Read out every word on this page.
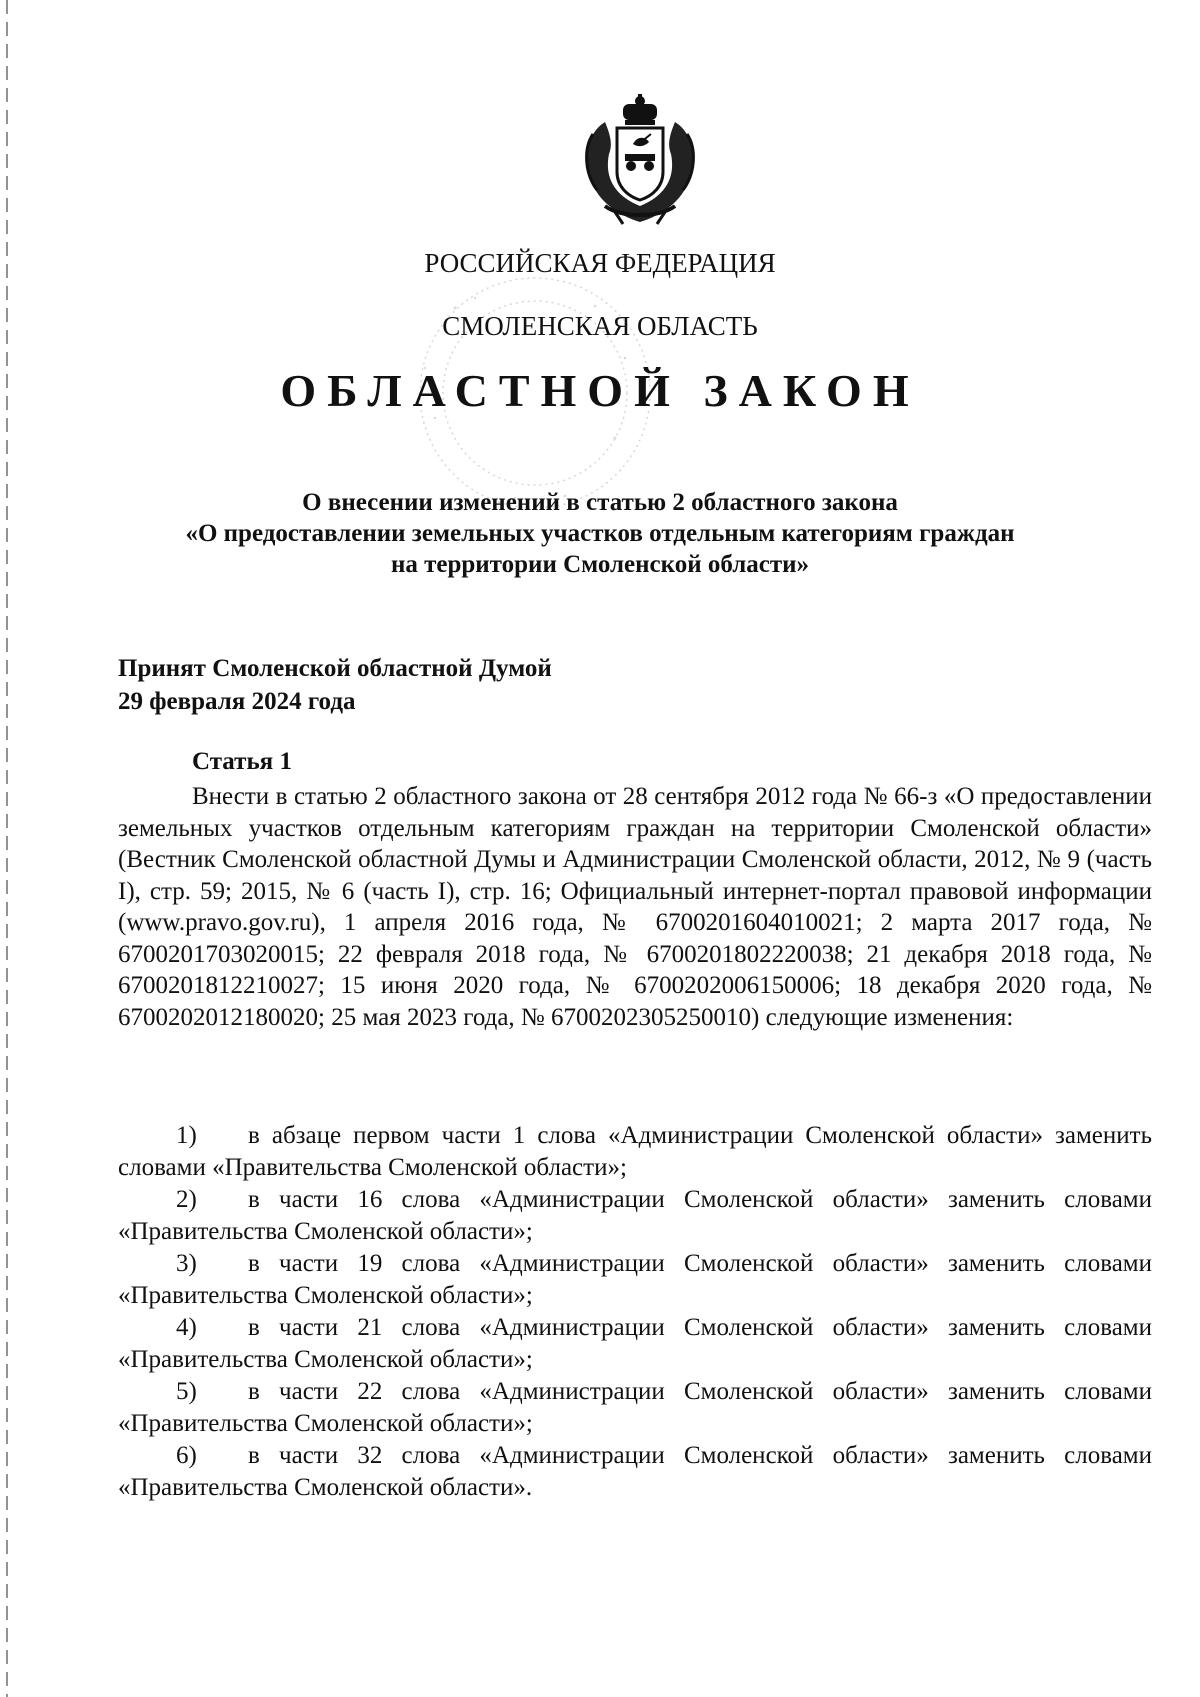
РОССИЙСКАЯ ФЕДЕРАЦИЯ
СМОЛЕНСКАЯ ОБЛАСТЬ
ОБЛАСТНОЙ ЗАКОН
О внесении изменений в статью 2 областного закона
«О предоставлении земельных участков отдельным категориям граждан
на территории Смоленской области»
Принят Смоленской областной Думой
29 февраля 2024 года
Статья 1
Внести в статью 2 областного закона от 28 сентября 2012 года № 66-з «О предоставлении земельных участков отдельным категориям граждан на территории Смоленской области» (Вестник Смоленской областной Думы и Администрации Смоленской области, 2012, № 9 (часть I), стр. 59; 2015, № 6 (часть I), стр. 16; Официальный интернет-портал правовой информации (www.pravo.gov.ru), 1 апреля 2016 года, № 6700201604010021; 2 марта 2017 года, № 6700201703020015; 22 февраля 2018 года, № 6700201802220038; 21 декабря 2018 года, № 6700201812210027; 15 июня 2020 года, № 6700202006150006; 18 декабря 2020 года, № 6700202012180020; 25 мая 2023 года, № 6700202305250010) следующие изменения:
1) в абзаце первом части 1 слова «Администрации Смоленской области» заменить словами «Правительства Смоленской области»;
2) в части 16 слова «Администрации Смоленской области» заменить словами «Правительства Смоленской области»;
3) в части 19 слова «Администрации Смоленской области» заменить словами «Правительства Смоленской области»;
4) в части 21 слова «Администрации Смоленской области» заменить словами «Правительства Смоленской области»;
5) в части 22 слова «Администрации Смоленской области» заменить словами «Правительства Смоленской области»;
6) в части 32 слова «Администрации Смоленской области» заменить словами «Правительства Смоленской области».
